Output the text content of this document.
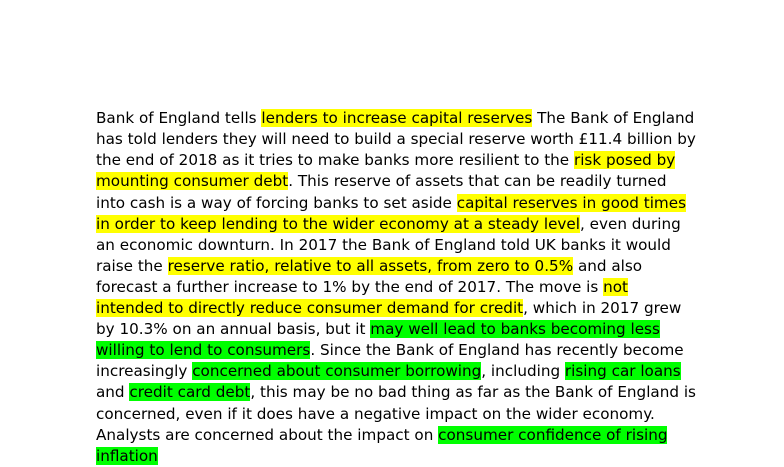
Bank of England tells lenders to increase capital reserves The Bank of England has told lenders they will need to build a special reserve worth £11.4 billion by the end of 2018 as it tries to make banks more resilient to the risk posed by mounting consumer debt. This reserve of assets that can be readily turned into cash is a way of forcing banks to set aside capital reserves in good times in order to keep lending to the wider economy at a steady level, even during an economic downturn. In 2017 the Bank of England told UK banks it would raise the reserve ratio, relative to all assets, from zero to 0.5% and also forecast a further increase to 1% by the end of 2017. The move is not intended to directly reduce consumer demand for credit, which in 2017 grew by 10.3% on an annual basis, but it may well lead to banks becoming less willing to lend to consumers. Since the Bank of England has recently become increasingly concerned about consumer borrowing, including rising car loans and credit card debt, this may be no bad thing as far as the Bank of England is concerned, even if it does have a negative impact on the wider economy. Analysts are concerned about the impact on consumer confidence of rising inflation
